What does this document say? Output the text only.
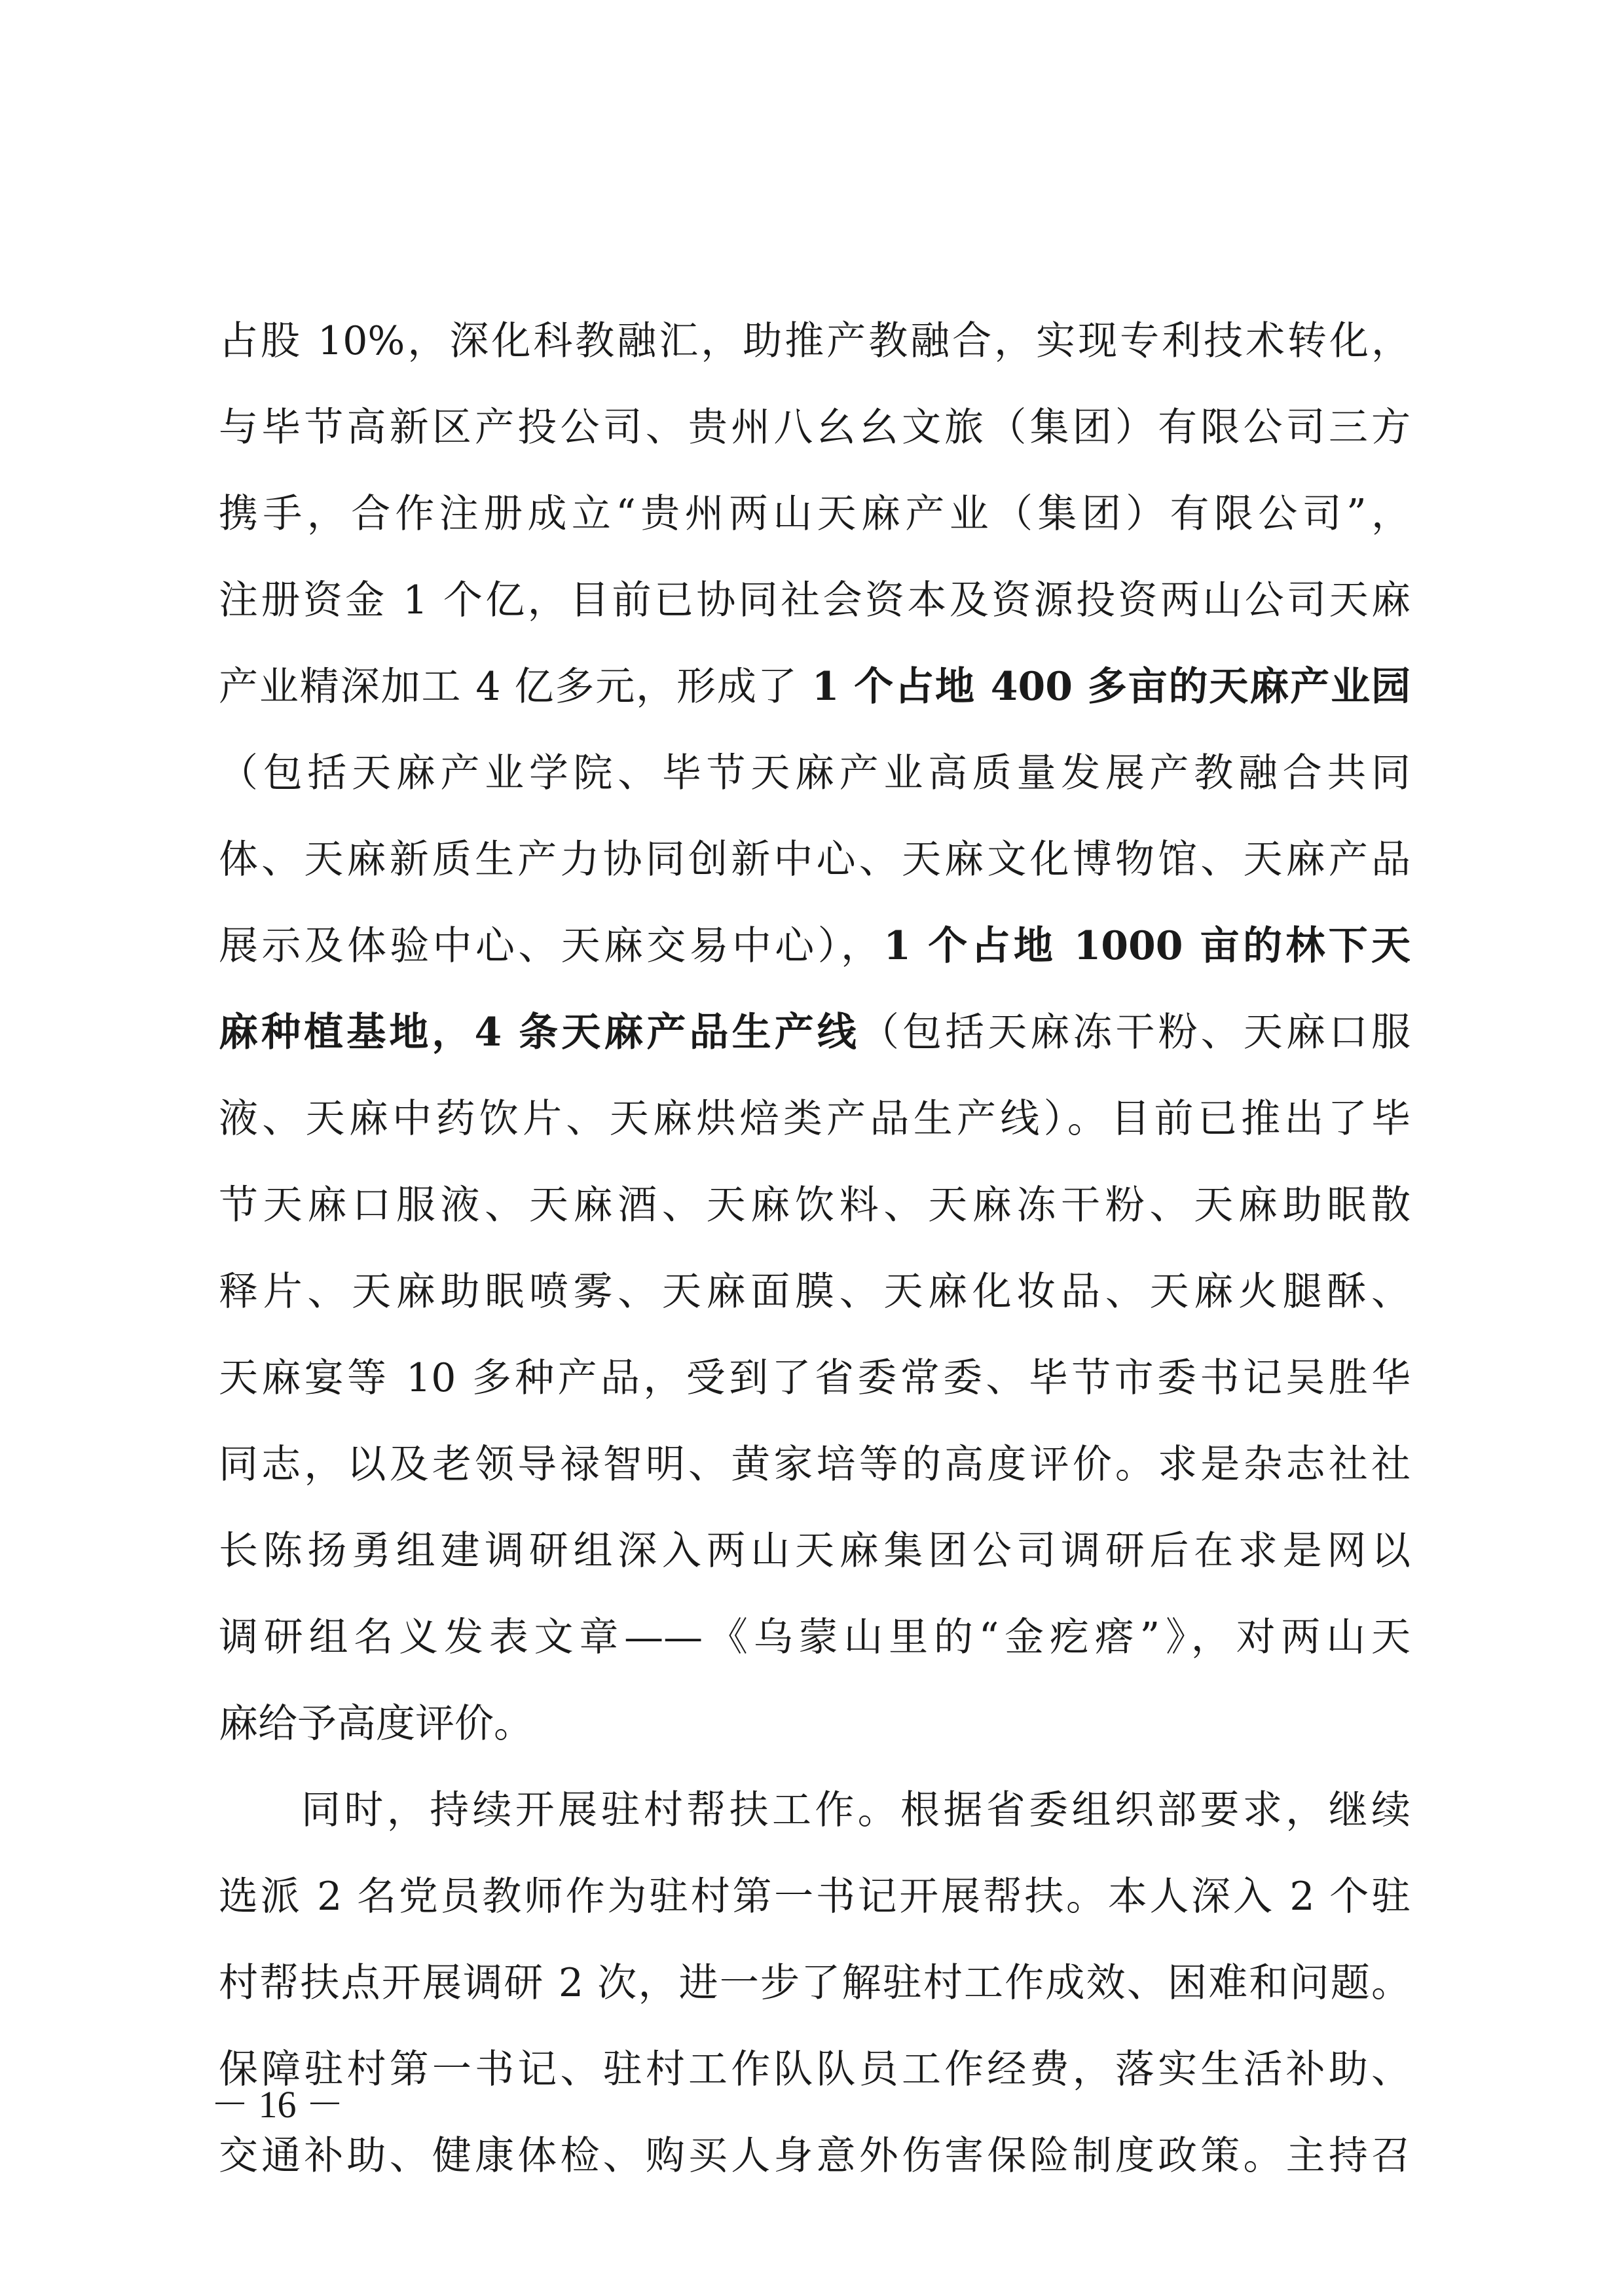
占股 10%，深化科教融汇，助推产教融合，实现专利技术转化，
与毕节高新区产投公司、贵州八幺幺文旅（集团）有限公司三方
携手，合作注册成立“贵州两山天麻产业（集团）有限公司”，
注册资金 1 个亿，目前已协同社会资本及资源投资两山公司天麻
产业精深加工 4 亿多元，形成了 1 个占地 400 多亩的天麻产业园
（包括天麻产业学院、毕节天麻产业高质量发展产教融合共同
体、天麻新质生产力协同创新中心、天麻文化博物馆、天麻产品
展示及体验中心、天麻交易中心），1 个占地 1000 亩的林下天
麻种植基地，4 条天麻产品生产线（包括天麻冻干粉、天麻口服
液、天麻中药饮片、天麻烘焙类产品生产线）。目前已推出了毕
节天麻口服液、天麻酒、天麻饮料、天麻冻干粉、天麻助眠散
释片、天麻助眠喷雾、天麻面膜、天麻化妆品、天麻火腿酥、
天麻宴等 10 多种产品，受到了省委常委、毕节市委书记吴胜华
同志，以及老领导禄智明、黄家培等的高度评价。求是杂志社社
长陈扬勇组建调研组深入两山天麻集团公司调研后在求是网以
调研组名义发表文章——《乌蒙山里的“金疙瘩”》，对两山天
麻给予高度评价。
同时，持续开展驻村帮扶工作。根据省委组织部要求，继续
选派 2 名党员教师作为驻村第一书记开展帮扶。本人深入 2 个驻
村帮扶点开展调研 2 次，进一步了解驻村工作成效、困难和问题。
保障驻村第一书记、驻村工作队队员工作经费，落实生活补助、
交通补助、健康体检、购买人身意外伤害保险制度政策。主持召
－ 16 －
